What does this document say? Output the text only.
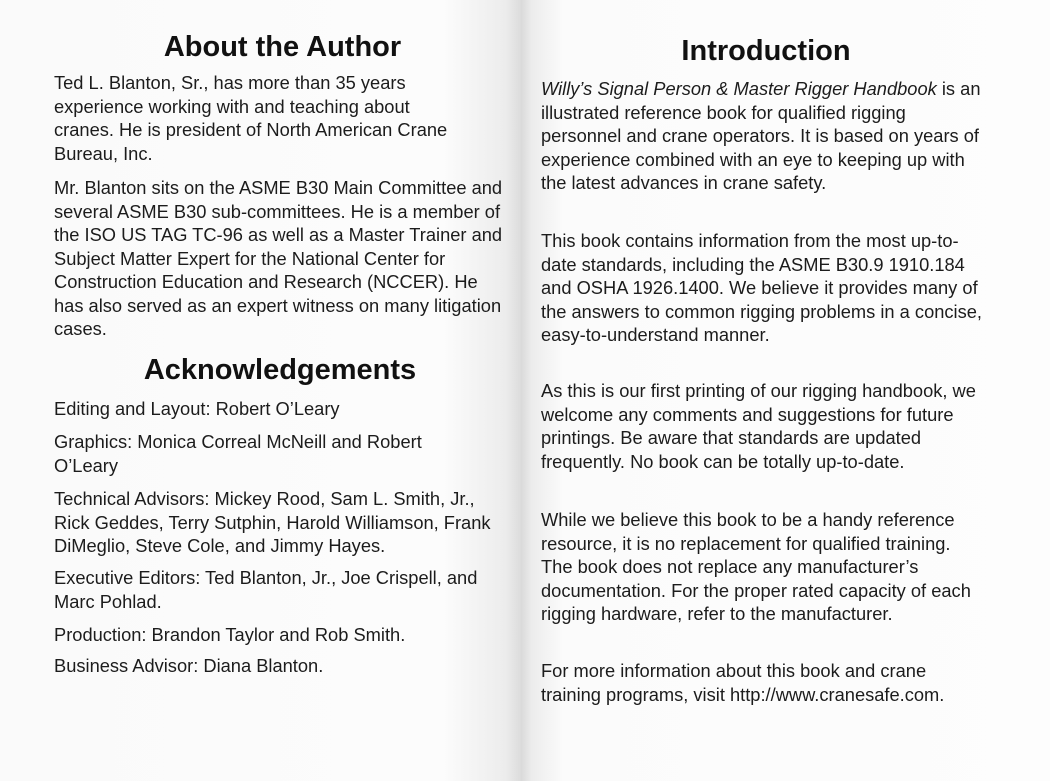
About the Author

Ted L. Blanton, Sr., has more than 35 years experience working with and teaching about cranes. He is president of North American Crane Bureau, Inc.

Mr. Blanton sits on the ASME B30 Main Committee and several ASME B30 sub-committees. He is a member of the ISO US TAG TC-96 as well as a Master Trainer and Subject Matter Expert for the National Center for Construction Education and Research (NCCER). He has also served as an expert witness on many litigation cases.

Acknowledgements

Editing and Layout: Robert O’Leary

Graphics: Monica Correal McNeill and Robert O’Leary

Technical Advisors: Mickey Rood, Sam L. Smith, Jr., Rick Geddes, Terry Sutphin, Harold Williamson, Frank DiMeglio, Steve Cole, and Jimmy Hayes.

Executive Editors: Ted Blanton, Jr., Joe Crispell, and Marc Pohlad.

Production: Brandon Taylor and Rob Smith.

Business Advisor: Diana Blanton.

Introduction

Willy’s Signal Person & Master Rigger Handbook is an illustrated reference book for qualified rigging personnel and crane operators. It is based on years of experience combined with an eye to keeping up with the latest advances in crane safety.

This book contains information from the most up-to-date standards, including the ASME B30.9 1910.184 and OSHA 1926.1400. We believe it provides many of the answers to common rigging problems in a concise, easy-to-understand manner.

As this is our first printing of our rigging handbook, we welcome any comments and suggestions for future printings. Be aware that standards are updated frequently. No book can be totally up-to-date.

While we believe this book to be a handy reference resource, it is no replacement for qualified training. The book does not replace any manufacturer’s documentation. For the proper rated capacity of each rigging hardware, refer to the manufacturer.

For more information about this book and crane training programs, visit http://www.cranesafe.com.
